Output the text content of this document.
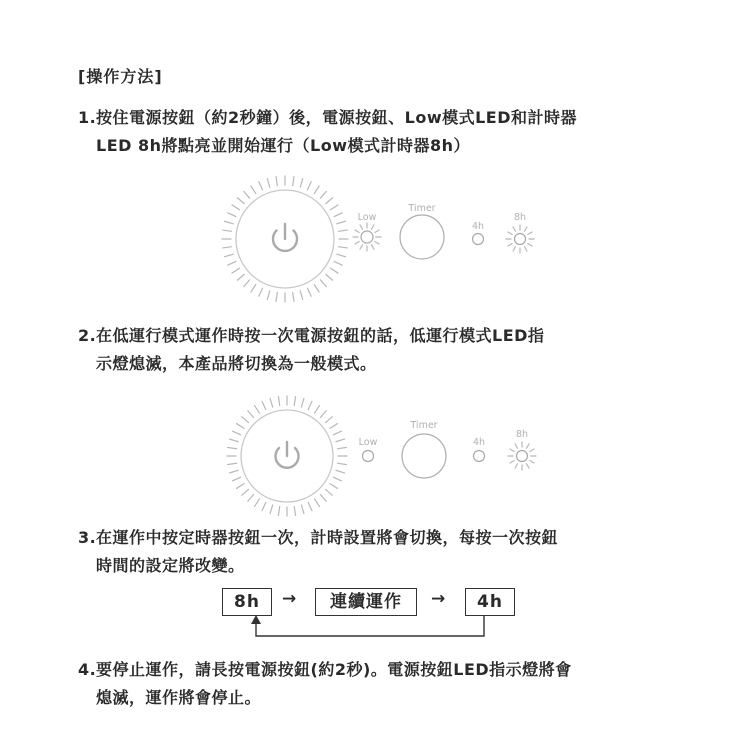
[操作方法]
1.按住電源按鈕（約2秒鐘）後，電源按鈕、Low模式LED和計時器
LED 8h將點亮並開始運行（Low模式計時器8h）
Low
Timer
4h
8h
2.在低運行模式運作時按一次電源按鈕的話，低運行模式LED指
示燈熄滅，本產品將切換為一般模式。
Low
Timer
4h
8h
3.在運作中按定時器按鈕一次，計時設置將會切換，每按一次按鈕
時間的設定將改變。
8h	→	連續運作	→	4h
4.要停止運作，請長按電源按鈕(約2秒)。電源按鈕LED指示燈將會
熄滅，運作將會停止。
